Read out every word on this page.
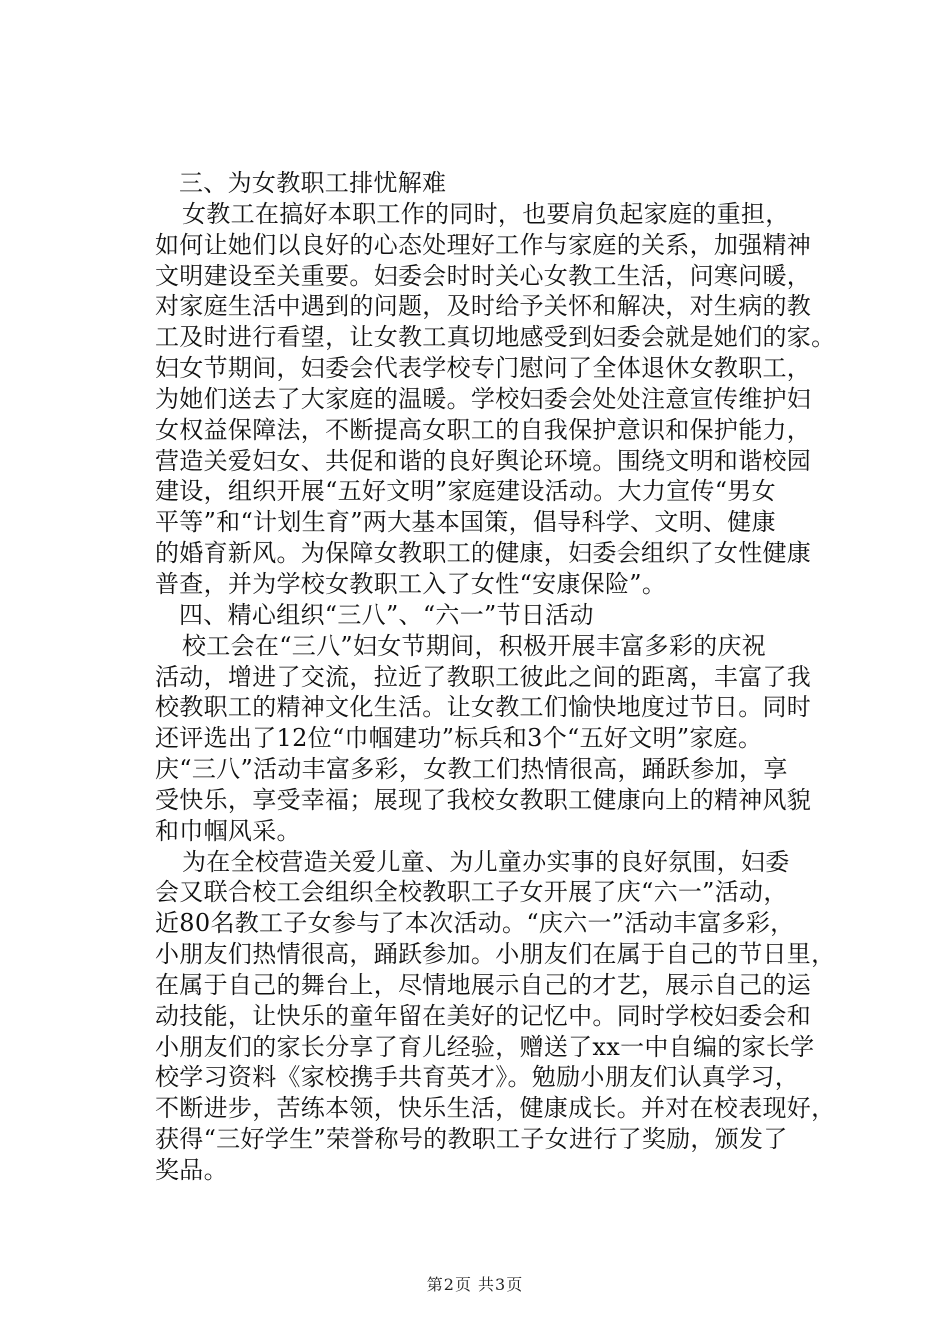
三、为女教职工排忧解难
女教工在搞好本职工作的同时，也要肩负起家庭的重担，
如何让她们以良好的心态处理好工作与家庭的关系，加强精神
文明建设至关重要。妇委会时时关心女教工生活，问寒问暖，
对家庭生活中遇到的问题，及时给予关怀和解决，对生病的教
工及时进行看望，让女教工真切地感受到妇委会就是她们的家。
妇女节期间，妇委会代表学校专门慰问了全体退休女教职工，
为她们送去了大家庭的温暖。学校妇委会处处注意宣传维护妇
女权益保障法，不断提高女职工的自我保护意识和保护能力，
营造关爱妇女、共促和谐的良好舆论环境。围绕文明和谐校园
建设，组织开展“五好文明”家庭建设活动。大力宣传“男女
平等”和“计划生育”两大基本国策，倡导科学、文明、健康
的婚育新风。为保障女教职工的健康，妇委会组织了女性健康
普查，并为学校女教职工入了女性“安康保险”。
四、精心组织“三八”、“六一”节日活动
校工会在“三八”妇女节期间，积极开展丰富多彩的庆祝
活动，增进了交流，拉近了教职工彼此之间的距离，丰富了我
校教职工的精神文化生活。让女教工们愉快地度过节日。同时
还评选出了12位“巾帼建功”标兵和3个“五好文明”家庭。
庆“三八”活动丰富多彩，女教工们热情很高，踊跃参加，享
受快乐，享受幸福；展现了我校女教职工健康向上的精神风貌
和巾帼风采。
为在全校营造关爱儿童、为儿童办实事的良好氛围，妇委
会又联合校工会组织全校教职工子女开展了庆“六一”活动，
近80名教工子女参与了本次活动。“庆六一”活动丰富多彩，
小朋友们热情很高，踊跃参加。小朋友们在属于自己的节日里，
在属于自己的舞台上，尽情地展示自己的才艺，展示自己的运
动技能，让快乐的童年留在美好的记忆中。同时学校妇委会和
小朋友们的家长分享了育儿经验，赠送了xx一中自编的家长学
校学习资料《家校携手共育英才》。勉励小朋友们认真学习，
不断进步，苦练本领，快乐生活，健康成长。并对在校表现好，
获得“三好学生”荣誉称号的教职工子女进行了奖励，颁发了
奖品。
第2页 共3页
